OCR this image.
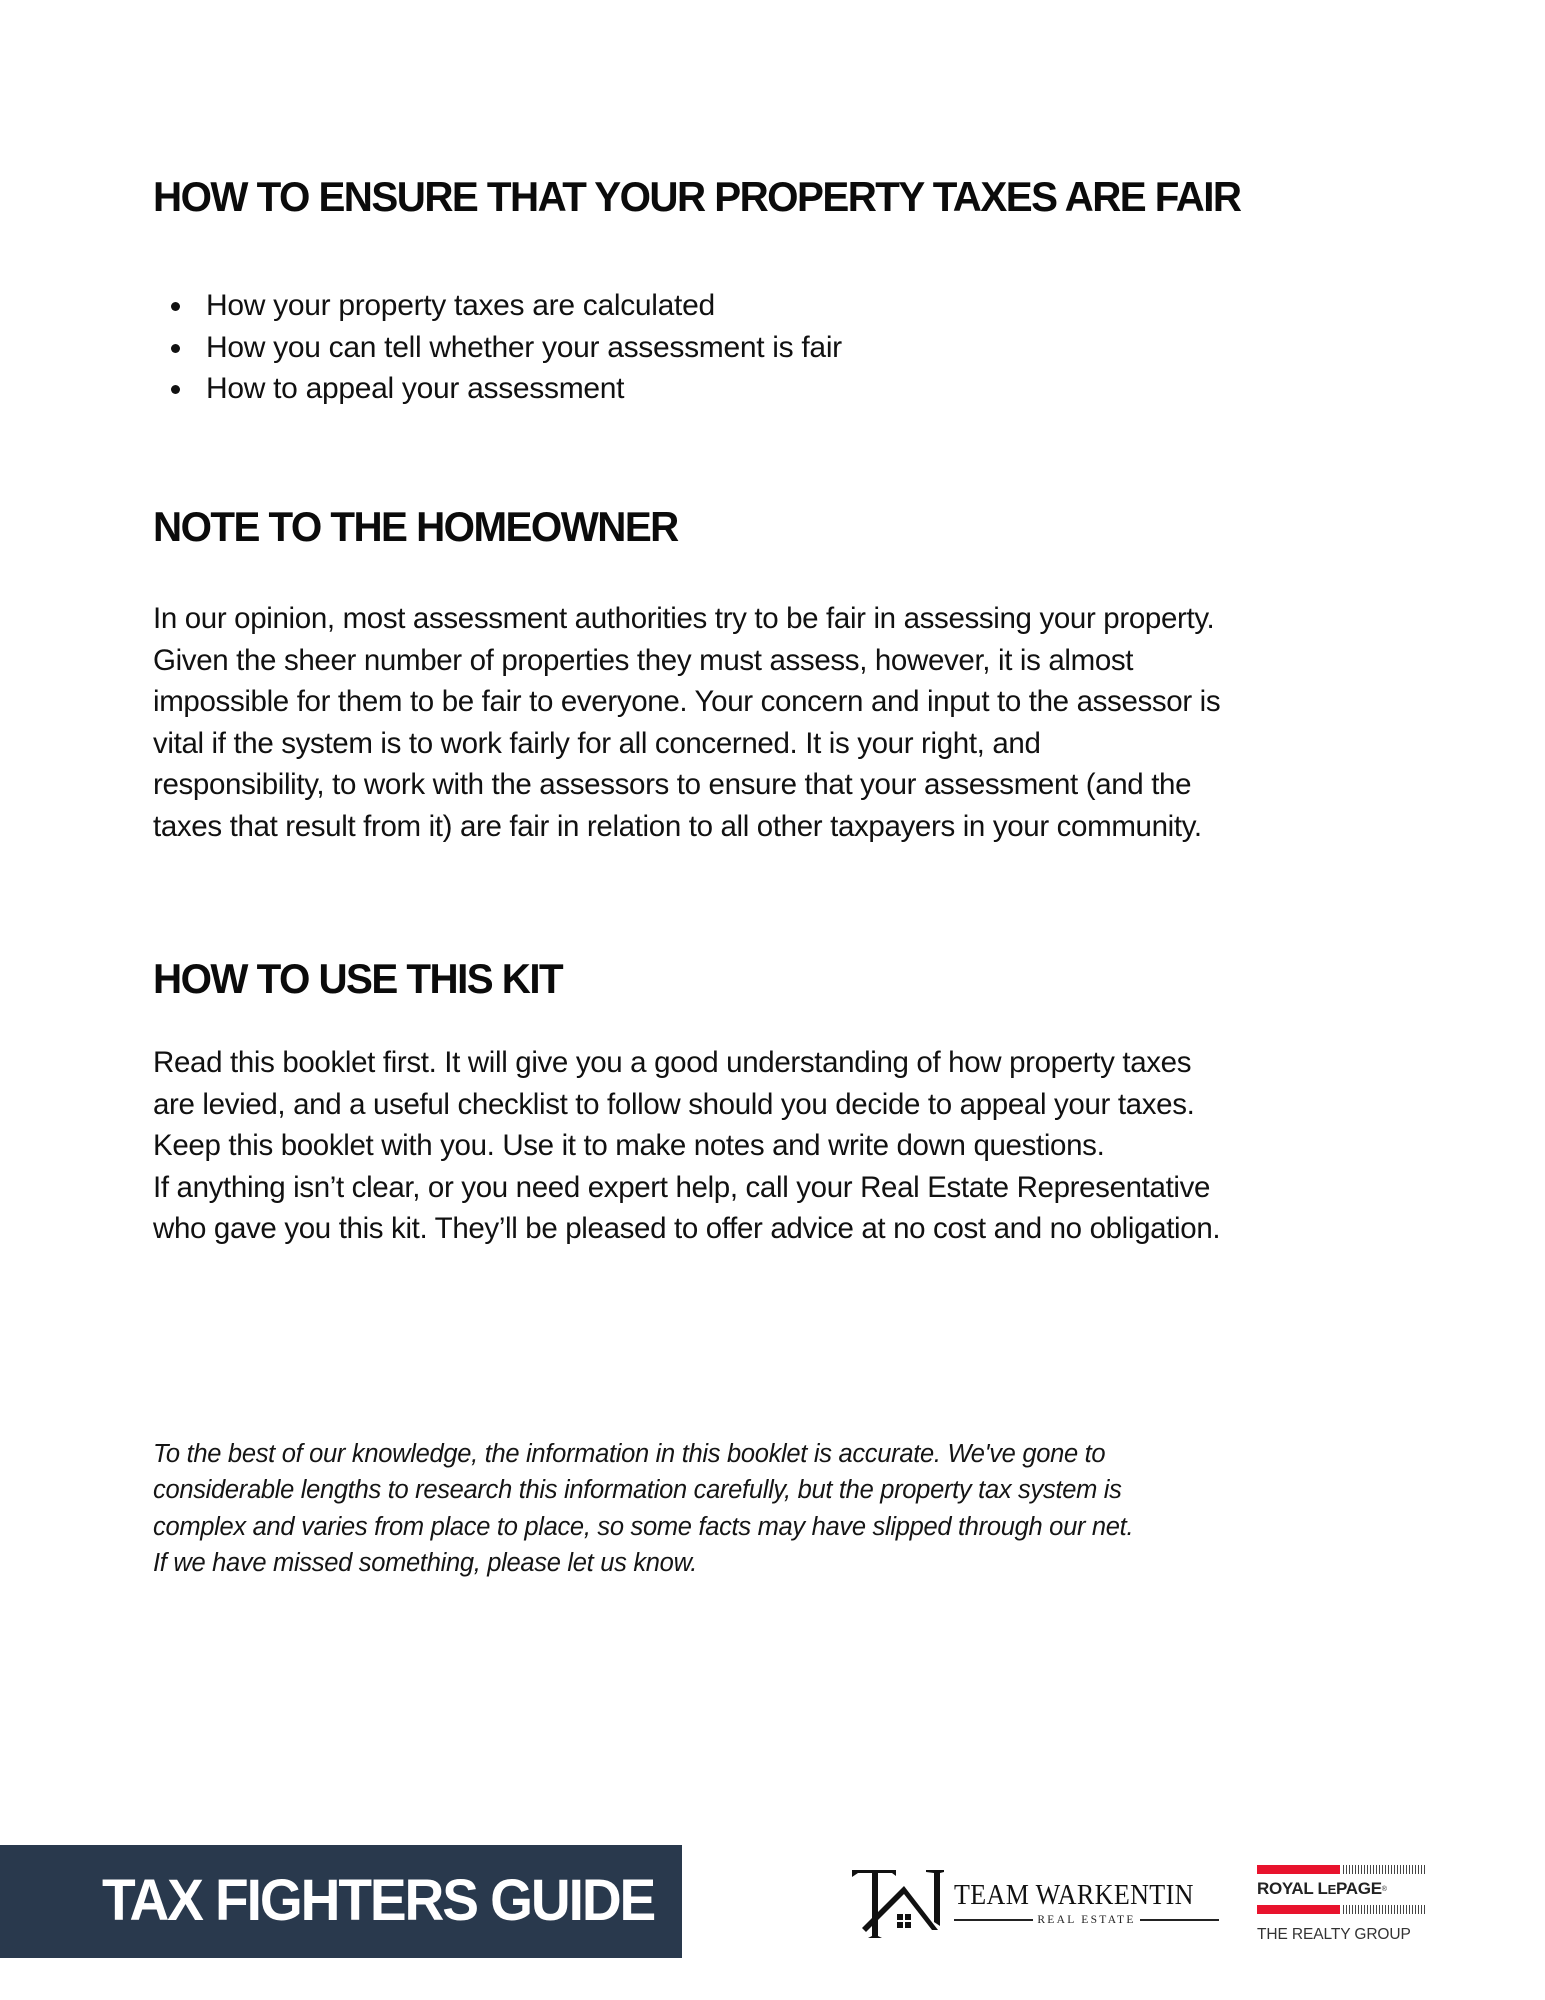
HOW TO ENSURE THAT YOUR PROPERTY TAXES ARE FAIR
How your property taxes are calculated
How you can tell whether your assessment is fair
How to appeal your assessment
NOTE TO THE HOMEOWNER

In our opinion, most assessment authorities try to be fair in assessing your property.
Given the sheer number of properties they must assess, however, it is almost
impossible for them to be fair to everyone. Your concern and input to the assessor is
vital if the system is to work fairly for all concerned. It is your right, and
responsibility, to work with the assessors to ensure that your assessment (and the
taxes that result from it) are fair in relation to all other taxpayers in your community.

HOW TO USE THIS KIT

Read this booklet first. It will give you a good understanding of how property taxes
are levied, and a useful checklist to follow should you decide to appeal your taxes.
Keep this booklet with you. Use it to make notes and write down questions.
If anything isn’t clear, or you need expert help, call your Real Estate Representative
who gave you this kit. They’ll be pleased to offer advice at no cost and no obligation.

To the best of our knowledge, the information in this booklet is accurate. We've gone to
considerable lengths to research this information carefully, but the property tax system is
complex and varies from place to place, so some facts may have slipped through our net.
If we have missed something, please let us know.

TAX FIGHTERS GUIDE	TEAM WARKENTIN
REAL ESTATE
ROYAL LEPAGE®
THE REALTY GROUP
